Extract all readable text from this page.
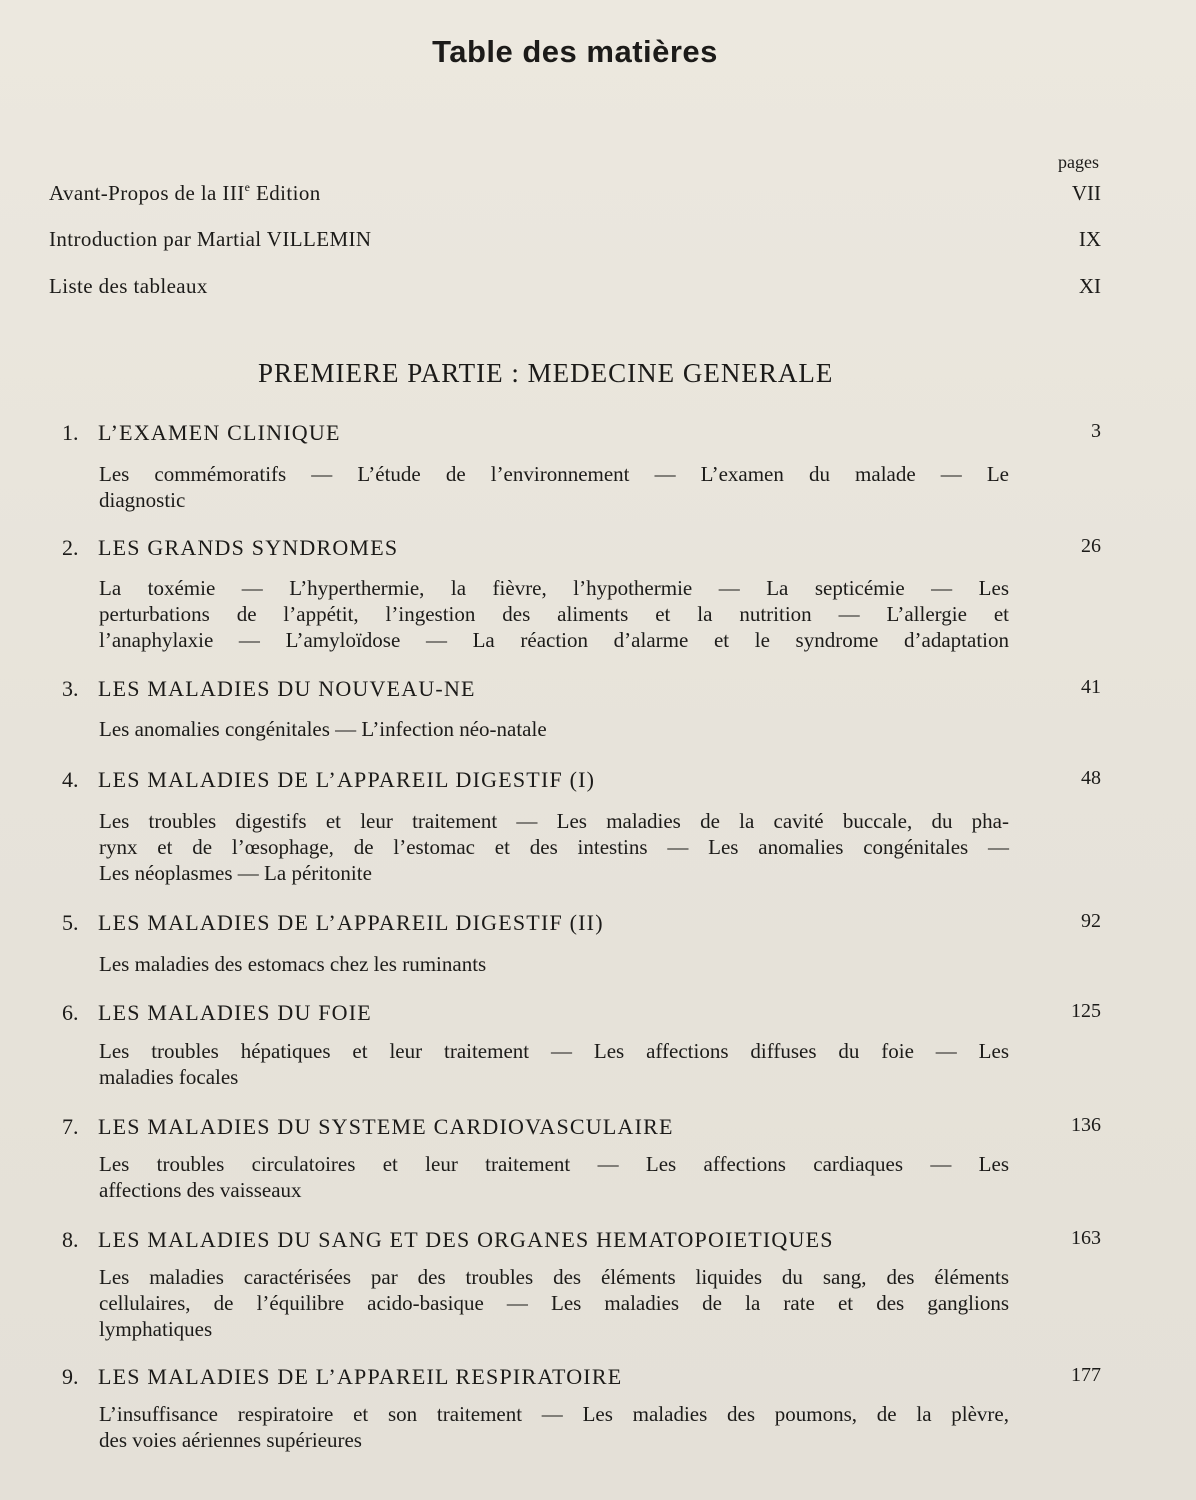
Table des matières
pages
Avant-Propos de la IIIe Edition	VII
Introduction par Martial VILLEMIN	IX
Liste des tableaux	XI
PREMIERE PARTIE : MEDECINE GENERALE
1. L’EXAMEN CLINIQUE	3
Les commémoratifs — L’étude de l’environnement — L’examen du malade — Le
diagnostic
2. LES GRANDS SYNDROMES	26
La toxémie — L’hyperthermie, la fièvre, l’hypothermie — La septicémie — Les
perturbations de l’appétit, l’ingestion des aliments et la nutrition — L’allergie et
l’anaphylaxie — L’amyloïdose — La réaction d’alarme et le syndrome d’adaptation
3. LES MALADIES DU NOUVEAU-NE	41
Les anomalies congénitales — L’infection néo-natale
4. LES MALADIES DE L’APPAREIL DIGESTIF (I)	48
Les troubles digestifs et leur traitement — Les maladies de la cavité buccale, du pha-
rynx et de l’œsophage, de l’estomac et des intestins — Les anomalies congénitales —
Les néoplasmes — La péritonite
5. LES MALADIES DE L’APPAREIL DIGESTIF (II)	92
Les maladies des estomacs chez les ruminants
6. LES MALADIES DU FOIE	125
Les troubles hépatiques et leur traitement — Les affections diffuses du foie — Les
maladies focales
7. LES MALADIES DU SYSTEME CARDIOVASCULAIRE	136
Les troubles circulatoires et leur traitement — Les affections cardiaques — Les
affections des vaisseaux
8. LES MALADIES DU SANG ET DES ORGANES HEMATOPOIETIQUES	163
Les maladies caractérisées par des troubles des éléments liquides du sang, des éléments
cellulaires, de l’équilibre acido-basique — Les maladies de la rate et des ganglions
lymphatiques
9. LES MALADIES DE L’APPAREIL RESPIRATOIRE	177
L’insuffisance respiratoire et son traitement — Les maladies des poumons, de la plèvre,
des voies aériennes supérieures
